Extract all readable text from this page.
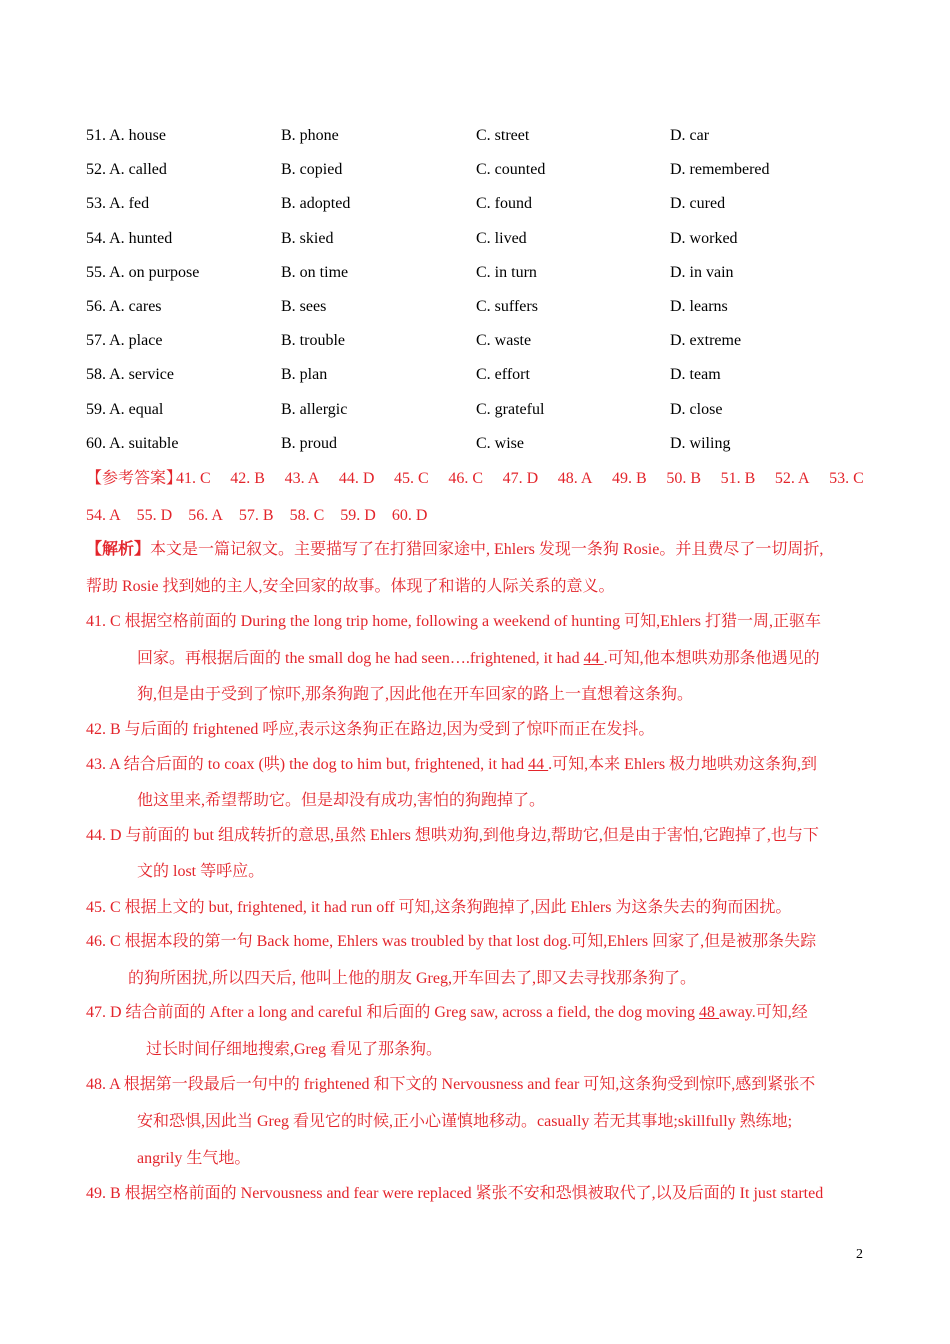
51. A. house	B. phone	C. street	D. car
52. A. called	B. copied	C. counted	D. remembered
53. A. fed	B. adopted	C. found	D. cured
54. A. hunted	B. skied	C. lived	D. worked
55. A. on purpose	B. on time	C. in turn	D. in vain
56. A. cares	B. sees	C. suffers	D. learns
57. A. place	B. trouble	C. waste	D. extreme
58. A. service	B. plan	C. effort	D. team
59. A. equal	B. allergic	C. grateful	D. close
60. A. suitable	B. proud	C. wise	D. wiling
【参考答案】
41. C 42. B 43. A 44. D 45. C 46. C 47. D 48. A 49. B 50. B 51. B 52. A 53. C
54. A 55. D 56. A 57. B 58. C 59. D 60. D
【解析】本文是一篇记叙文。主要描写了在打猎回家途中, Ehlers 发现一条狗 Rosie。并且费尽了一切周折,
帮助 Rosie 找到她的主人,安全回家的故事。体现了和谐的人际关系的意义。
41. C 根据空格前面的 During the long trip home, following a weekend of hunting 可知,Ehlers 打猎一周,正驱车
回家。再根据后面的 the small dog he had seen….frightened, it had 44 .可知,他本想哄劝那条他遇见的
狗,但是由于受到了惊吓,那条狗跑了,因此他在开车回家的路上一直想着这条狗。
42. B 与后面的 frightened 呼应,表示这条狗正在路边,因为受到了惊吓而正在发抖。
43. A 结合后面的 to coax (哄) the dog to him but, frightened, it had 44 .可知,本来 Ehlers 极力地哄劝这条狗,到
他这里来,希望帮助它。但是却没有成功,害怕的狗跑掉了。
44. D 与前面的 but 组成转折的意思,虽然 Ehlers 想哄劝狗,到他身边,帮助它,但是由于害怕,它跑掉了,也与下
文的 lost 等呼应。
45. C 根据上文的 but, frightened, it had run off 可知,这条狗跑掉了,因此 Ehlers 为这条失去的狗而困扰。
46. C 根据本段的第一句 Back home, Ehlers was troubled by that lost dog.可知,Ehlers 回家了,但是被那条失踪
的狗所困扰,所以四天后, 他叫上他的朋友 Greg,开车回去了,即又去寻找那条狗了。
47. D 结合前面的 After a long and careful 和后面的 Greg saw, across a field, the dog moving 48 away.可知,经
过长时间仔细地搜索,Greg 看见了那条狗。
48. A 根据第一段最后一句中的 frightened 和下文的 Nervousness and fear 可知,这条狗受到惊吓,感到紧张不
安和恐惧,因此当 Greg 看见它的时候,正小心谨慎地移动。casually 若无其事地;skillfully 熟练地;
angrily 生气地。
49. B 根据空格前面的 Nervousness and fear were replaced 紧张不安和恐惧被取代了,以及后面的 It just started
2
